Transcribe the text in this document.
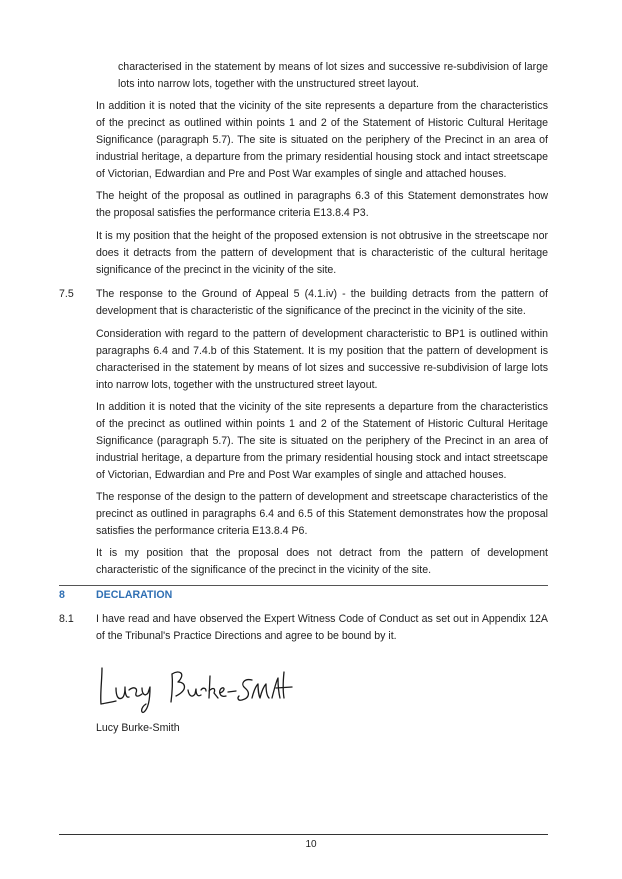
characterised in the statement by means of lot sizes and successive re-subdivision of large lots into narrow lots, together with the unstructured street layout.

In addition it is noted that the vicinity of the site represents a departure from the characteristics of the precinct as outlined within points 1 and 2 of the Statement of Historic Cultural Heritage Significance (paragraph 5.7). The site is situated on the periphery of the Precinct in an area of industrial heritage, a departure from the primary residential housing stock and intact streetscape of Victorian, Edwardian and Pre and Post War examples of single and attached houses.

The height of the proposal as outlined in paragraphs 6.3 of this Statement demonstrates how the proposal satisfies the performance criteria E13.8.4 P3.

It is my position that the height of the proposed extension is not obtrusive in the streetscape nor does it detracts from the pattern of development that is characteristic of the cultural heritage significance of the precinct in the vicinity of the site.

7.5 The response to the Ground of Appeal 5 (4.1.iv) - the building detracts from the pattern of development that is characteristic of the significance of the precinct in the vicinity of the site.

Consideration with regard to the pattern of development characteristic to BP1 is outlined within paragraphs 6.4 and 7.4.b of this Statement. It is my position that the pattern of development is characterised in the statement by means of lot sizes and successive re-subdivision of large lots into narrow lots, together with the unstructured street layout.

In addition it is noted that the vicinity of the site represents a departure from the characteristics of the precinct as outlined within points 1 and 2 of the Statement of Historic Cultural Heritage Significance (paragraph 5.7). The site is situated on the periphery of the Precinct in an area of industrial heritage, a departure from the primary residential housing stock and intact streetscape of Victorian, Edwardian and Pre and Post War examples of single and attached houses.

The response of the design to the pattern of development and streetscape characteristics of the precinct as outlined in paragraphs 6.4 and 6.5 of this Statement demonstrates how the proposal satisfies the performance criteria E13.8.4 P6.

It is my position that the proposal does not detract from the pattern of development characteristic of the significance of the precinct in the vicinity of the site.

8	DECLARATION
8.1 I have read and have observed the Expert Witness Code of Conduct as set out in Appendix 12A of the Tribunal's Practice Directions and agree to be bound by it.

Lucy Burke-Smith
10
